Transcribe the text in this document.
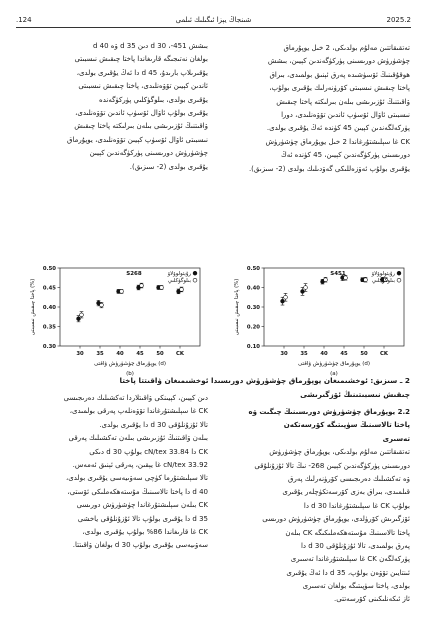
.124	شىنجاڭ يېزا ئىگىلىك ئىلمى	2025.2
تەتقىقاتتىن مەلۇم بولدىكى، 2 خىل يوپۇرماق
چۈشۈرۈش دورىسىنى پۈركۈگەندىن كېيىن، بىشش
ھوقۇقىنىڭ ئۆسۈشىدە پەرق ئېنىق بولمىدى، بىراق
پاختا چىقىش نىسبىتى كۆرۈنەرلىك يۇقىرى بولۇپ،
ۋاقىتنىڭ ئۇزىرىشى بىلەن بىرلىكتە پاختا چىقىش
نىسبىتى ئاۋال ئۆسۈپ ئاندىن تۆۋەنلىدى، دورا
پۈركەلگەندىن كېيىن 45 كۈندە ئەڭ يۇقىرى بولدى.
CK غا سېلىشتۇرغاندا 2 خىل يوپۇرماق چۈشۈرۈش
دورىسىنى پۈركۈگەندىن كېيىن، 45 كۈندە ئەڭ
يۇقىرى بولۇپ ئەۋزەللىكى گەۋدىلىك بولدى (2- سىزىق).
بىشش 451-، 30 d دىن 35 d ۋە 40 d
بولغان نەتىجىگە قارىغاندا پاختا چىقىش نىسبىتى
يۇقىرىلاپ بارىدۇ، 45 d دا ئەڭ يۇقىرى بولدى،
ئاندىن كېيىن تۆۋەنلىدى، پاختا چىقىش نىسبىتى
يۇقىرى بولدى، بىلوگۈكلىي پۈركۈگەندە
يۇقىرى بولۇپ ئاۋال ئۆسۈپ ئاندىن تۆۋەنلىدى،
ۋاقىتنىڭ ئۇزىرىشى بىلەن بىرلىكتە پاختا چىقىش
نىسبىتى ئاۋال ئۆسۈپ كېيىن تۆۋەنلىدى، يوپۇرماق
چۈشۈرۈش دورىسىنى پۈركۈگەندىن كېيىن
يۇقىرى بولدى (2- سىزىق).
0.10
0.20
0.30
0.40
0.50
30 35 40 45 50 CK
S451	رۇيتولوۋلاۋ
بىلوگۈكلىي
پاختا چىقىش نىسبىتى (%)
يوپۇرماق چۈشۈرۈش ۋاقتى (d)
(a)
0.30
0.35
0.40
0.45
0.50
30 35 40 45 50 CK
S268	رۇيتولوۋلاۋ
بىلوگۈكلىي
پاختا چىقىش نىسبىتى (%)
يوپۇرماق چۈشۈرۈش ۋاقتى (d)
(b)
2 ـ سىزىق: ئوخشىمىغان يوپۇرماق چۈشۈرۈش دورىسىدا ئوخشىمىغان ۋاقىتتا پاختا
چىقىش نىسبىتىنىڭ ئۆزگىرىشى
2.2 يوپۇرماق چۈشۈرۈش دورىسىنىڭ چىگىت ۋە
پاختا تالاسىنىڭ سۈپىتىگە كۆرسەتكەن
تەسىرى
تەتقىقاتتىن مەلۇم بولدىكى، يوپۇرماق چۈشۈرۈش
دورىسىنى پۈركۈگەندىن كېيىن 268- نىڭ تالا ئۇزۇنلۇقى
ۋە تەكشىلىك دەرىجىسى كۆرۈنەرلىك پەرق
قىلمىدى، بىراق بەزى كۆرسەتكۈچلەر يۇقىرى
بولۇپ CK غا سېلىشتۇرغاندا 30 d دا
ئۆزگىرىش كۆرۈلدى، يوپۇرماق چۈشۈرۈش دورىسى
پاختا تالاسىنىڭ مۇستەھكەملىكىگە CK بىلەن
پەرق بولمىدى، تالا ئۇزۇنلۇقى 30 d دا
پۈركەلگەن CK غا سېلىشتۇرغاندا تەسىرى
ئىنتايىن تۆۋەن بولۇپ، 35 d دا ئەڭ يۇقىرى
بولدى، پاختا سۈپىتىگە بولغان تەسىرى
ئاز ئىكەنلىكىنى كۆرسەتتى.
دىن كېيىن، كېيىنكى ۋاقىتلاردا تەكشىلىك دەرىجىسى
CK غا سېلىشتۇرغاندا تۆۋەنلەپ پەرقى بولمىدى،
تالا ئۇزۇنلۇقى 30 d دا يۇقىرى بولدى.
بىلەن ۋاقىتنىڭ ئۇزىرىشى بىلەن تەكشىلىك پەرقى
CK دا 33.84 cN/tex بولۇپ 30 d دىكى
33.92 cN/tex غا يېقىن، پەرقى ئېنىق ئەمەس.
تالا سېلىشتۇرما كۈچى سەۋىيەسى يۇقىرى بولدى،
40 d دا پاختا تالاسىنىڭ مۇستەھكەملىكى ئۆستى،
CK بىلەن سېلىشتۇرغاندا چۈشۈرۈش دورىسى
35 d دا يۇقىرى بولۇپ تالا ئۇزۇنلۇقى ياخشى
CK غا قارىغاندا 86% بولۇپ يۇقىرى بولدى،
سەۋىيەسى يۇقىرى بولۇپ 30 d بولغان ۋاقىتتا.
